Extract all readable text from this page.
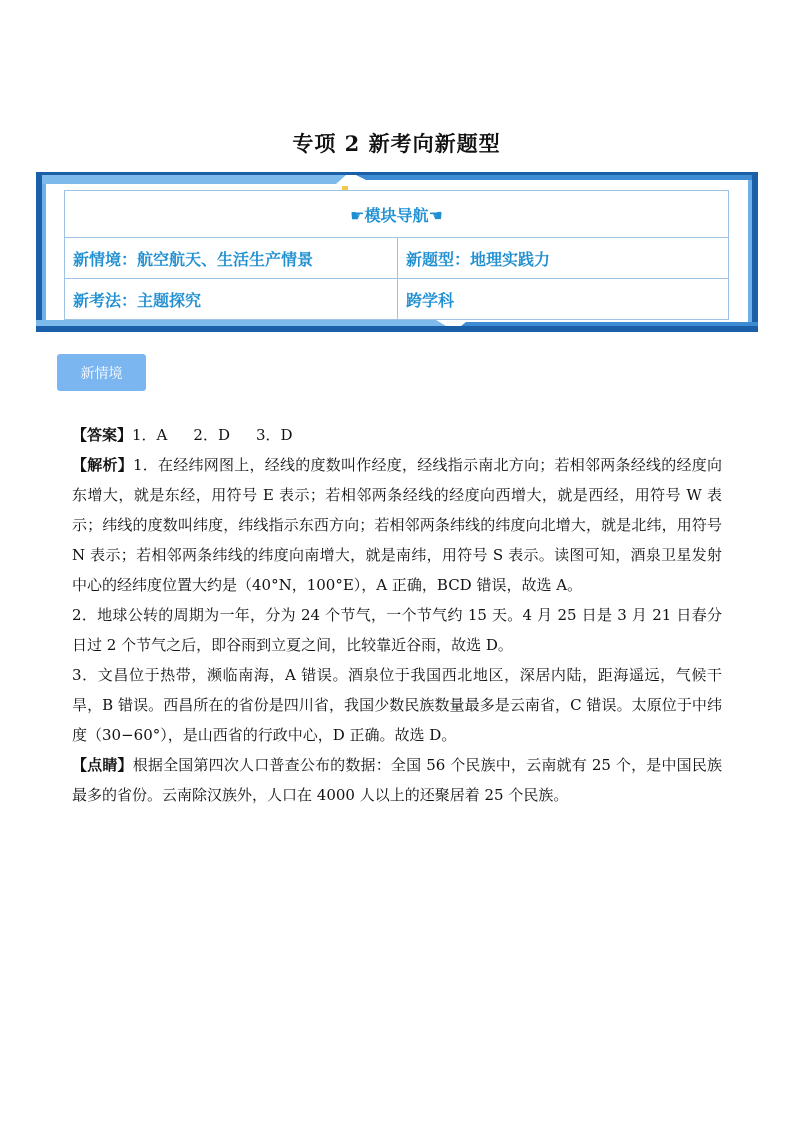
专项 2 新考向新题型
☛模块导航☚	
新情境：航空航天、生活生产情景	新题型：地理实践力
新考法：主题探究	跨学科
新情境

【答案】1．A 2．D 3．D

【解析】1．在经纬网图上，经线的度数叫作经度，经线指示南北方向；若相邻两条经线的经度向东增大，就是东经，用符号 E 表示；若相邻两条经线的经度向西增大，就是西经，用符号 W 表示；纬线的度数叫纬度，纬线指示东西方向；若相邻两条纬线的纬度向北增大，就是北纬，用符号 N 表示；若相邻两条纬线的纬度向南增大，就是南纬，用符号 S 表示。读图可知，酒泉卫星发射中心的经纬度位置大约是（40°N，100°E），A 正确，BCD 错误，故选 A。

2．地球公转的周期为一年，分为 24 个节气，一个节气约 15 天。4 月 25 日是 3 月 21 日春分日过 2 个节气之后，即谷雨到立夏之间，比较靠近谷雨，故选 D。

3．文昌位于热带，濒临南海，A 错误。酒泉位于我国西北地区，深居内陆，距海遥远，气候干旱，B 错误。西昌所在的省份是四川省，我国少数民族数量最多是云南省，C 错误。太原位于中纬度（30−60°），是山西省的行政中心，D 正确。故选 D。

【点睛】根据全国第四次人口普查公布的数据：全国 56 个民族中，云南就有 25 个，是中国民族最多的省份。云南除汉族外，人口在 4000 人以上的还聚居着 25 个民族。
